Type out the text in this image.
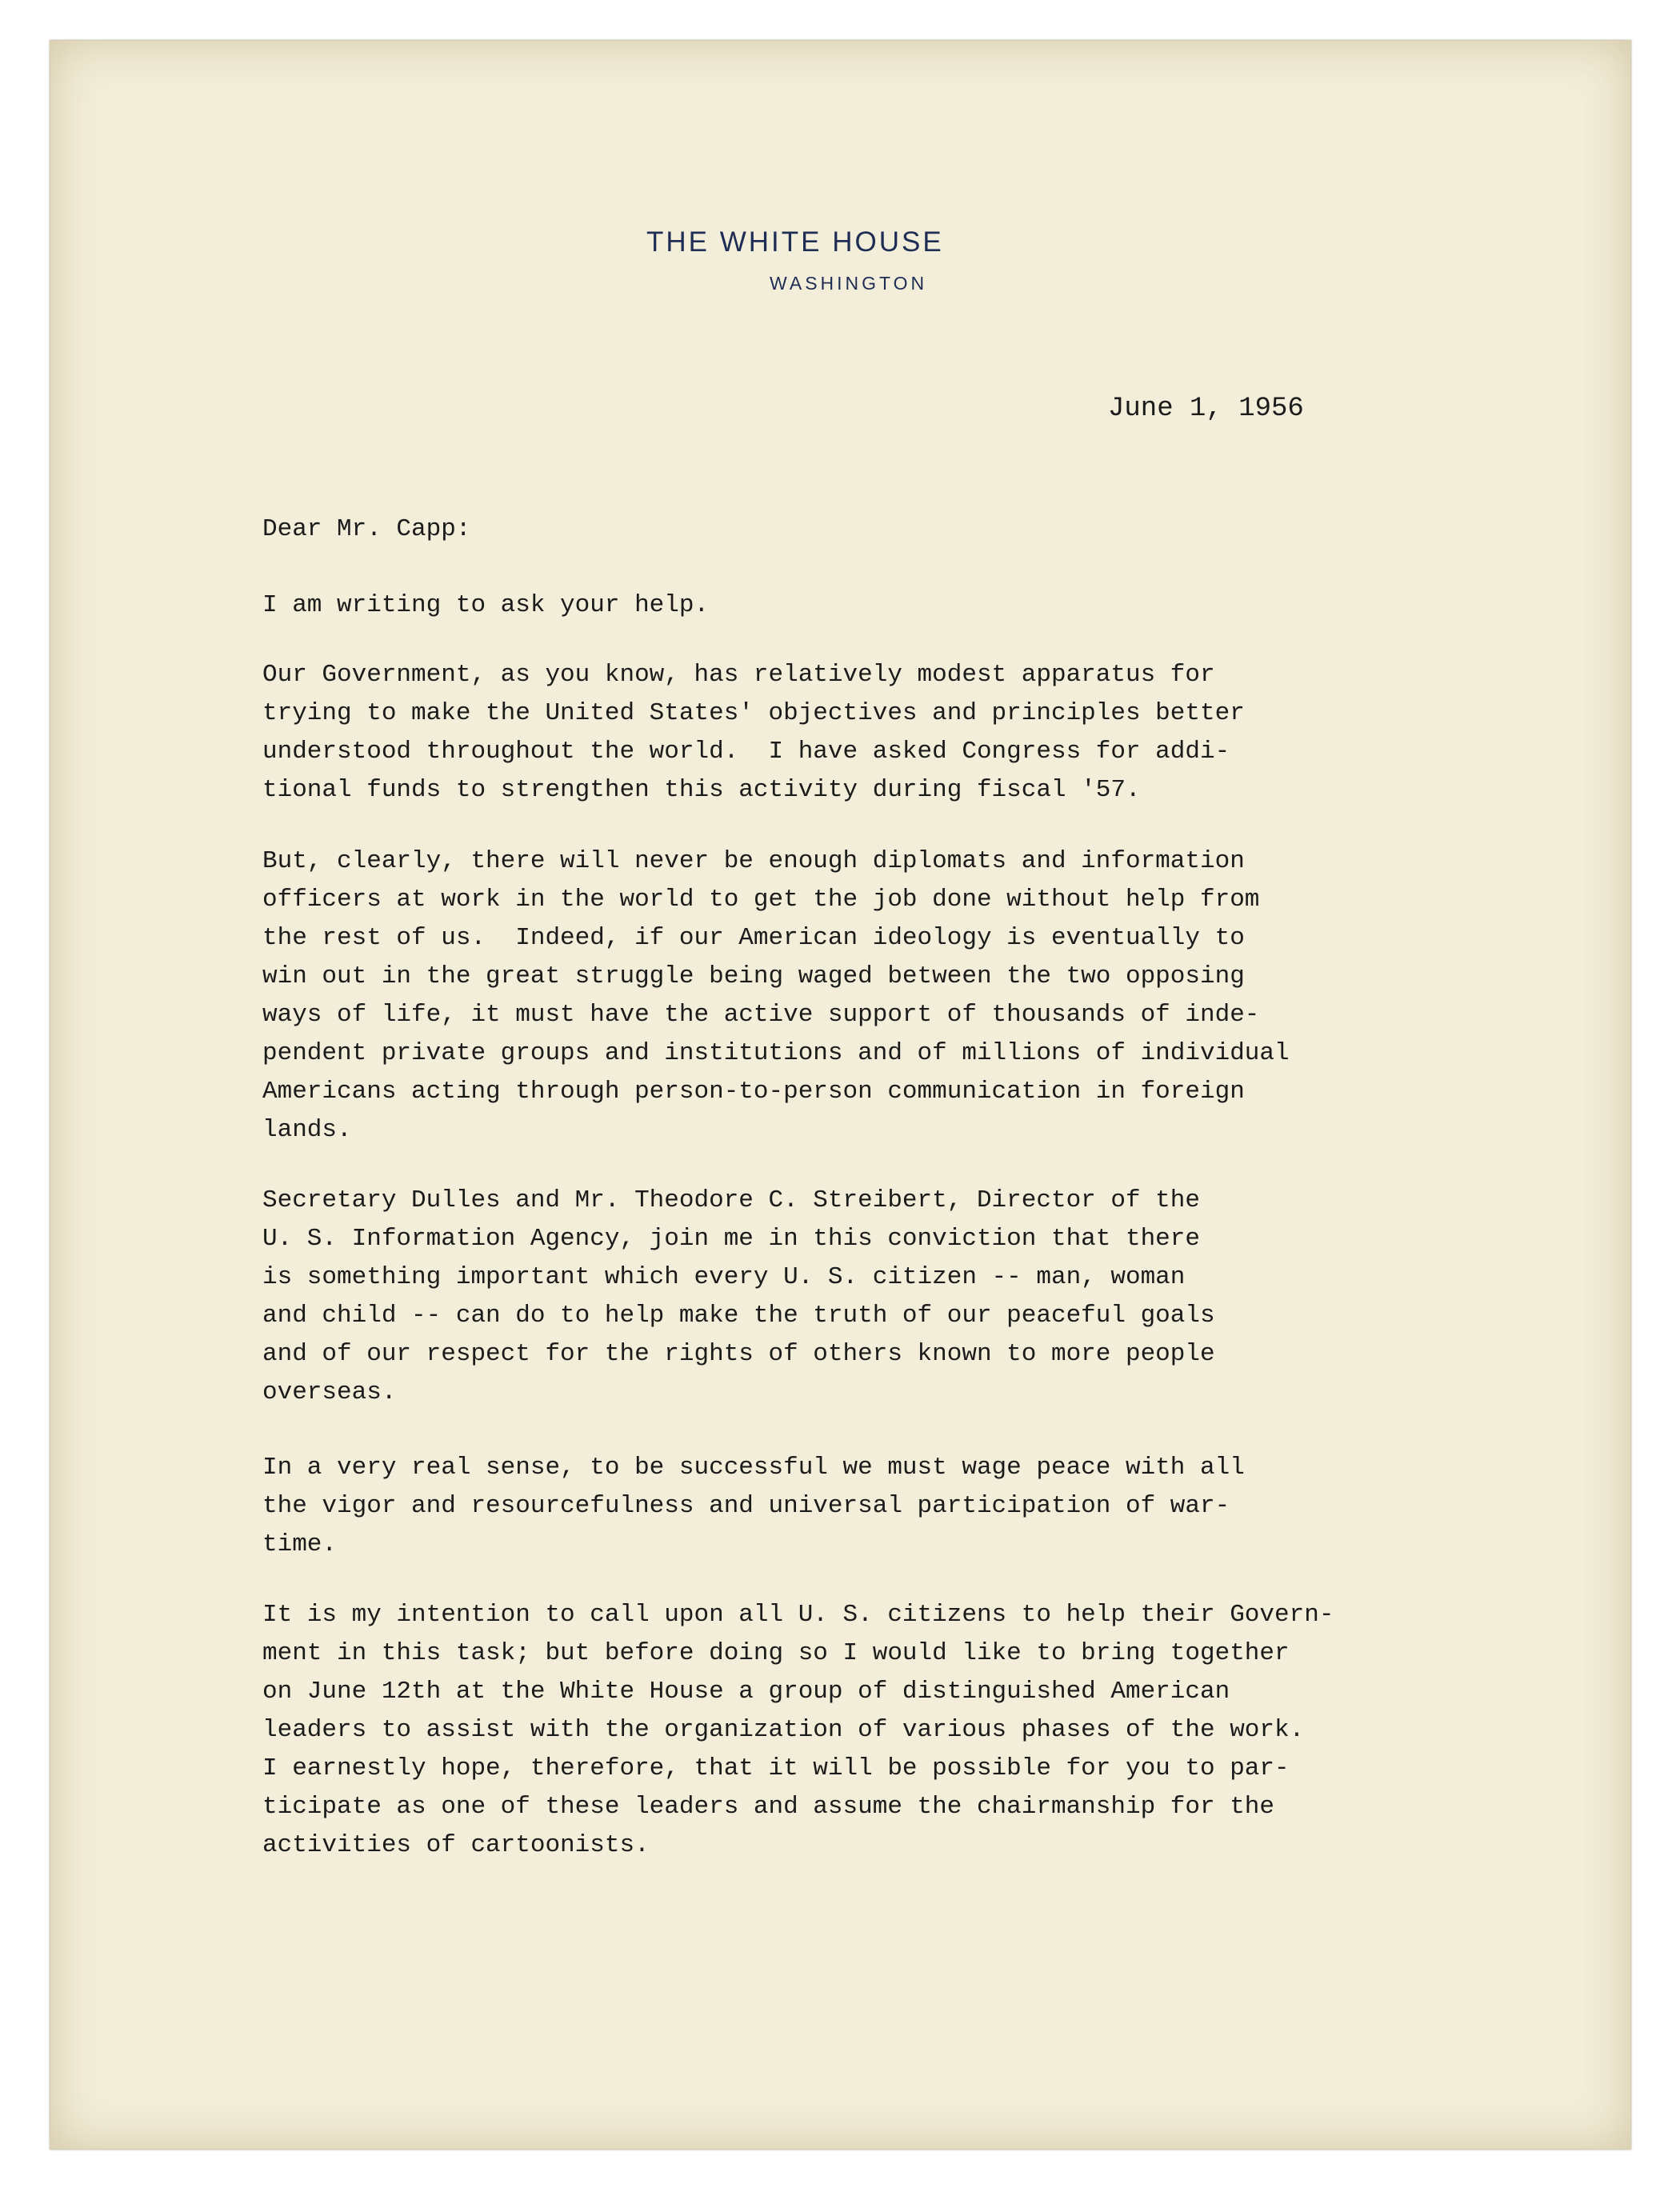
THE WHITE HOUSE
WASHINGTON
June 1, 1956
Dear Mr. Capp:
I am writing to ask your help.
Our Government, as you know, has relatively modest apparatus for
trying to make the United States' objectives and principles better
understood throughout the world.  I have asked Congress for addi-
tional funds to strengthen this activity during fiscal '57.
But, clearly, there will never be enough diplomats and information
officers at work in the world to get the job done without help from
the rest of us.  Indeed, if our American ideology is eventually to
win out in the great struggle being waged between the two opposing
ways of life, it must have the active support of thousands of inde-
pendent private groups and institutions and of millions of individual
Americans acting through person-to-person communication in foreign
lands.
Secretary Dulles and Mr. Theodore C. Streibert, Director of the
U. S. Information Agency, join me in this conviction that there
is something important which every U. S. citizen -- man, woman
and child -- can do to help make the truth of our peaceful goals
and of our respect for the rights of others known to more people
overseas.
In a very real sense, to be successful we must wage peace with all
the vigor and resourcefulness and universal participation of war-
time.
It is my intention to call upon all U. S. citizens to help their Govern-
ment in this task; but before doing so I would like to bring together
on June 12th at the White House a group of distinguished American
leaders to assist with the organization of various phases of the work.
I earnestly hope, therefore, that it will be possible for you to par-
ticipate as one of these leaders and assume the chairmanship for the
activities of cartoonists.
